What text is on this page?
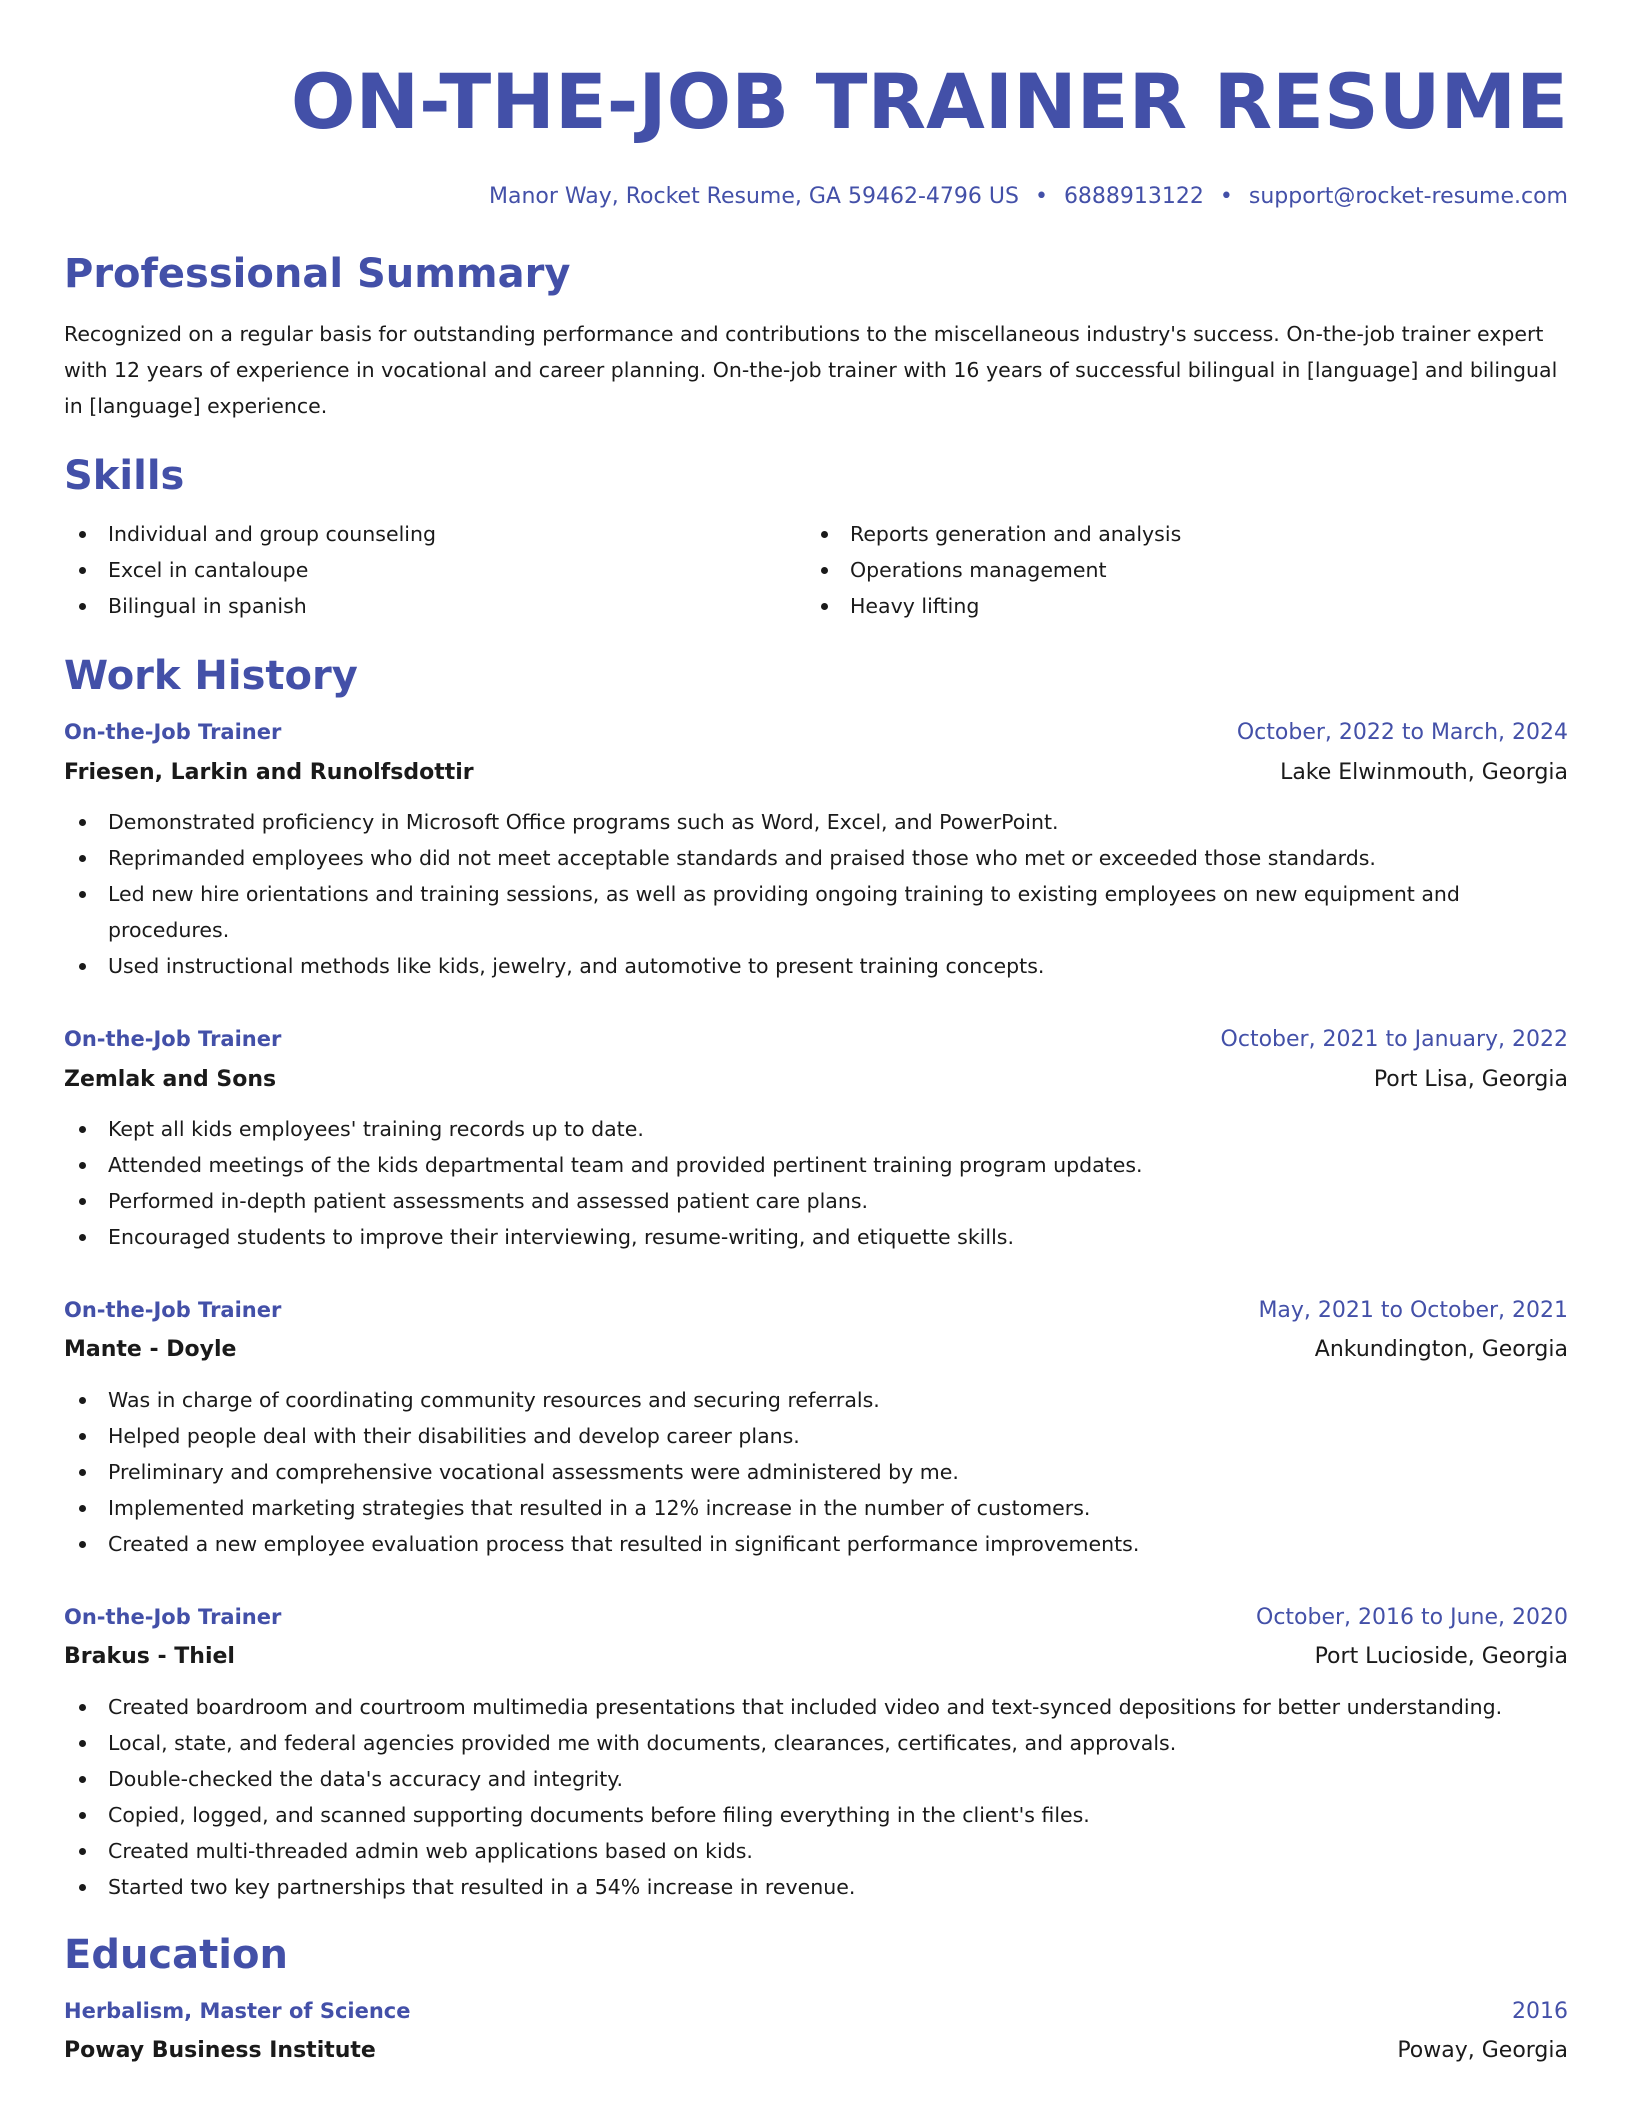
ON-THE-JOB TRAINER RESUME
Manor Way, Rocket Resume, GA 59462-4796 US • 6888913122 • support@rocket-resume.com
Professional Summary
Recognized on a regular basis for outstanding performance and contributions to the miscellaneous industry's success. On-the-job trainer expert with 12 years of experience in vocational and career planning. On-the-job trainer with 16 years of successful bilingual in [language] and bilingual in [language] experience.
Skills
Individual and group counseling
Excel in cantaloupe
Bilingual in spanish
Reports generation and analysis
Operations management
Heavy lifting
Work History
On-the-Job Trainer	October, 2022 to March, 2024
Friesen, Larkin and Runolfsdottir	Lake Elwinmouth, Georgia
Demonstrated proficiency in Microsoft Office programs such as Word, Excel, and PowerPoint.
Reprimanded employees who did not meet acceptable standards and praised those who met or exceeded those standards.
Led new hire orientations and training sessions, as well as providing ongoing training to existing employees on new equipment and procedures.
Used instructional methods like kids, jewelry, and automotive to present training concepts.
On-the-Job Trainer	October, 2021 to January, 2022
Zemlak and Sons	Port Lisa, Georgia
Kept all kids employees' training records up to date.
Attended meetings of the kids departmental team and provided pertinent training program updates.
Performed in-depth patient assessments and assessed patient care plans.
Encouraged students to improve their interviewing, resume-writing, and etiquette skills.
On-the-Job Trainer	May, 2021 to October, 2021
Mante - Doyle	Ankundington, Georgia
Was in charge of coordinating community resources and securing referrals.
Helped people deal with their disabilities and develop career plans.
Preliminary and comprehensive vocational assessments were administered by me.
Implemented marketing strategies that resulted in a 12% increase in the number of customers.
Created a new employee evaluation process that resulted in significant performance improvements.
On-the-Job Trainer	October, 2016 to June, 2020
Brakus - Thiel	Port Lucioside, Georgia
Created boardroom and courtroom multimedia presentations that included video and text-synced depositions for better understanding.
Local, state, and federal agencies provided me with documents, clearances, certificates, and approvals.
Double-checked the data's accuracy and integrity.
Copied, logged, and scanned supporting documents before filing everything in the client's files.
Created multi-threaded admin web applications based on kids.
Started two key partnerships that resulted in a 54% increase in revenue.
Education
Herbalism, Master of Science	2016
Poway Business Institute	Poway, Georgia
